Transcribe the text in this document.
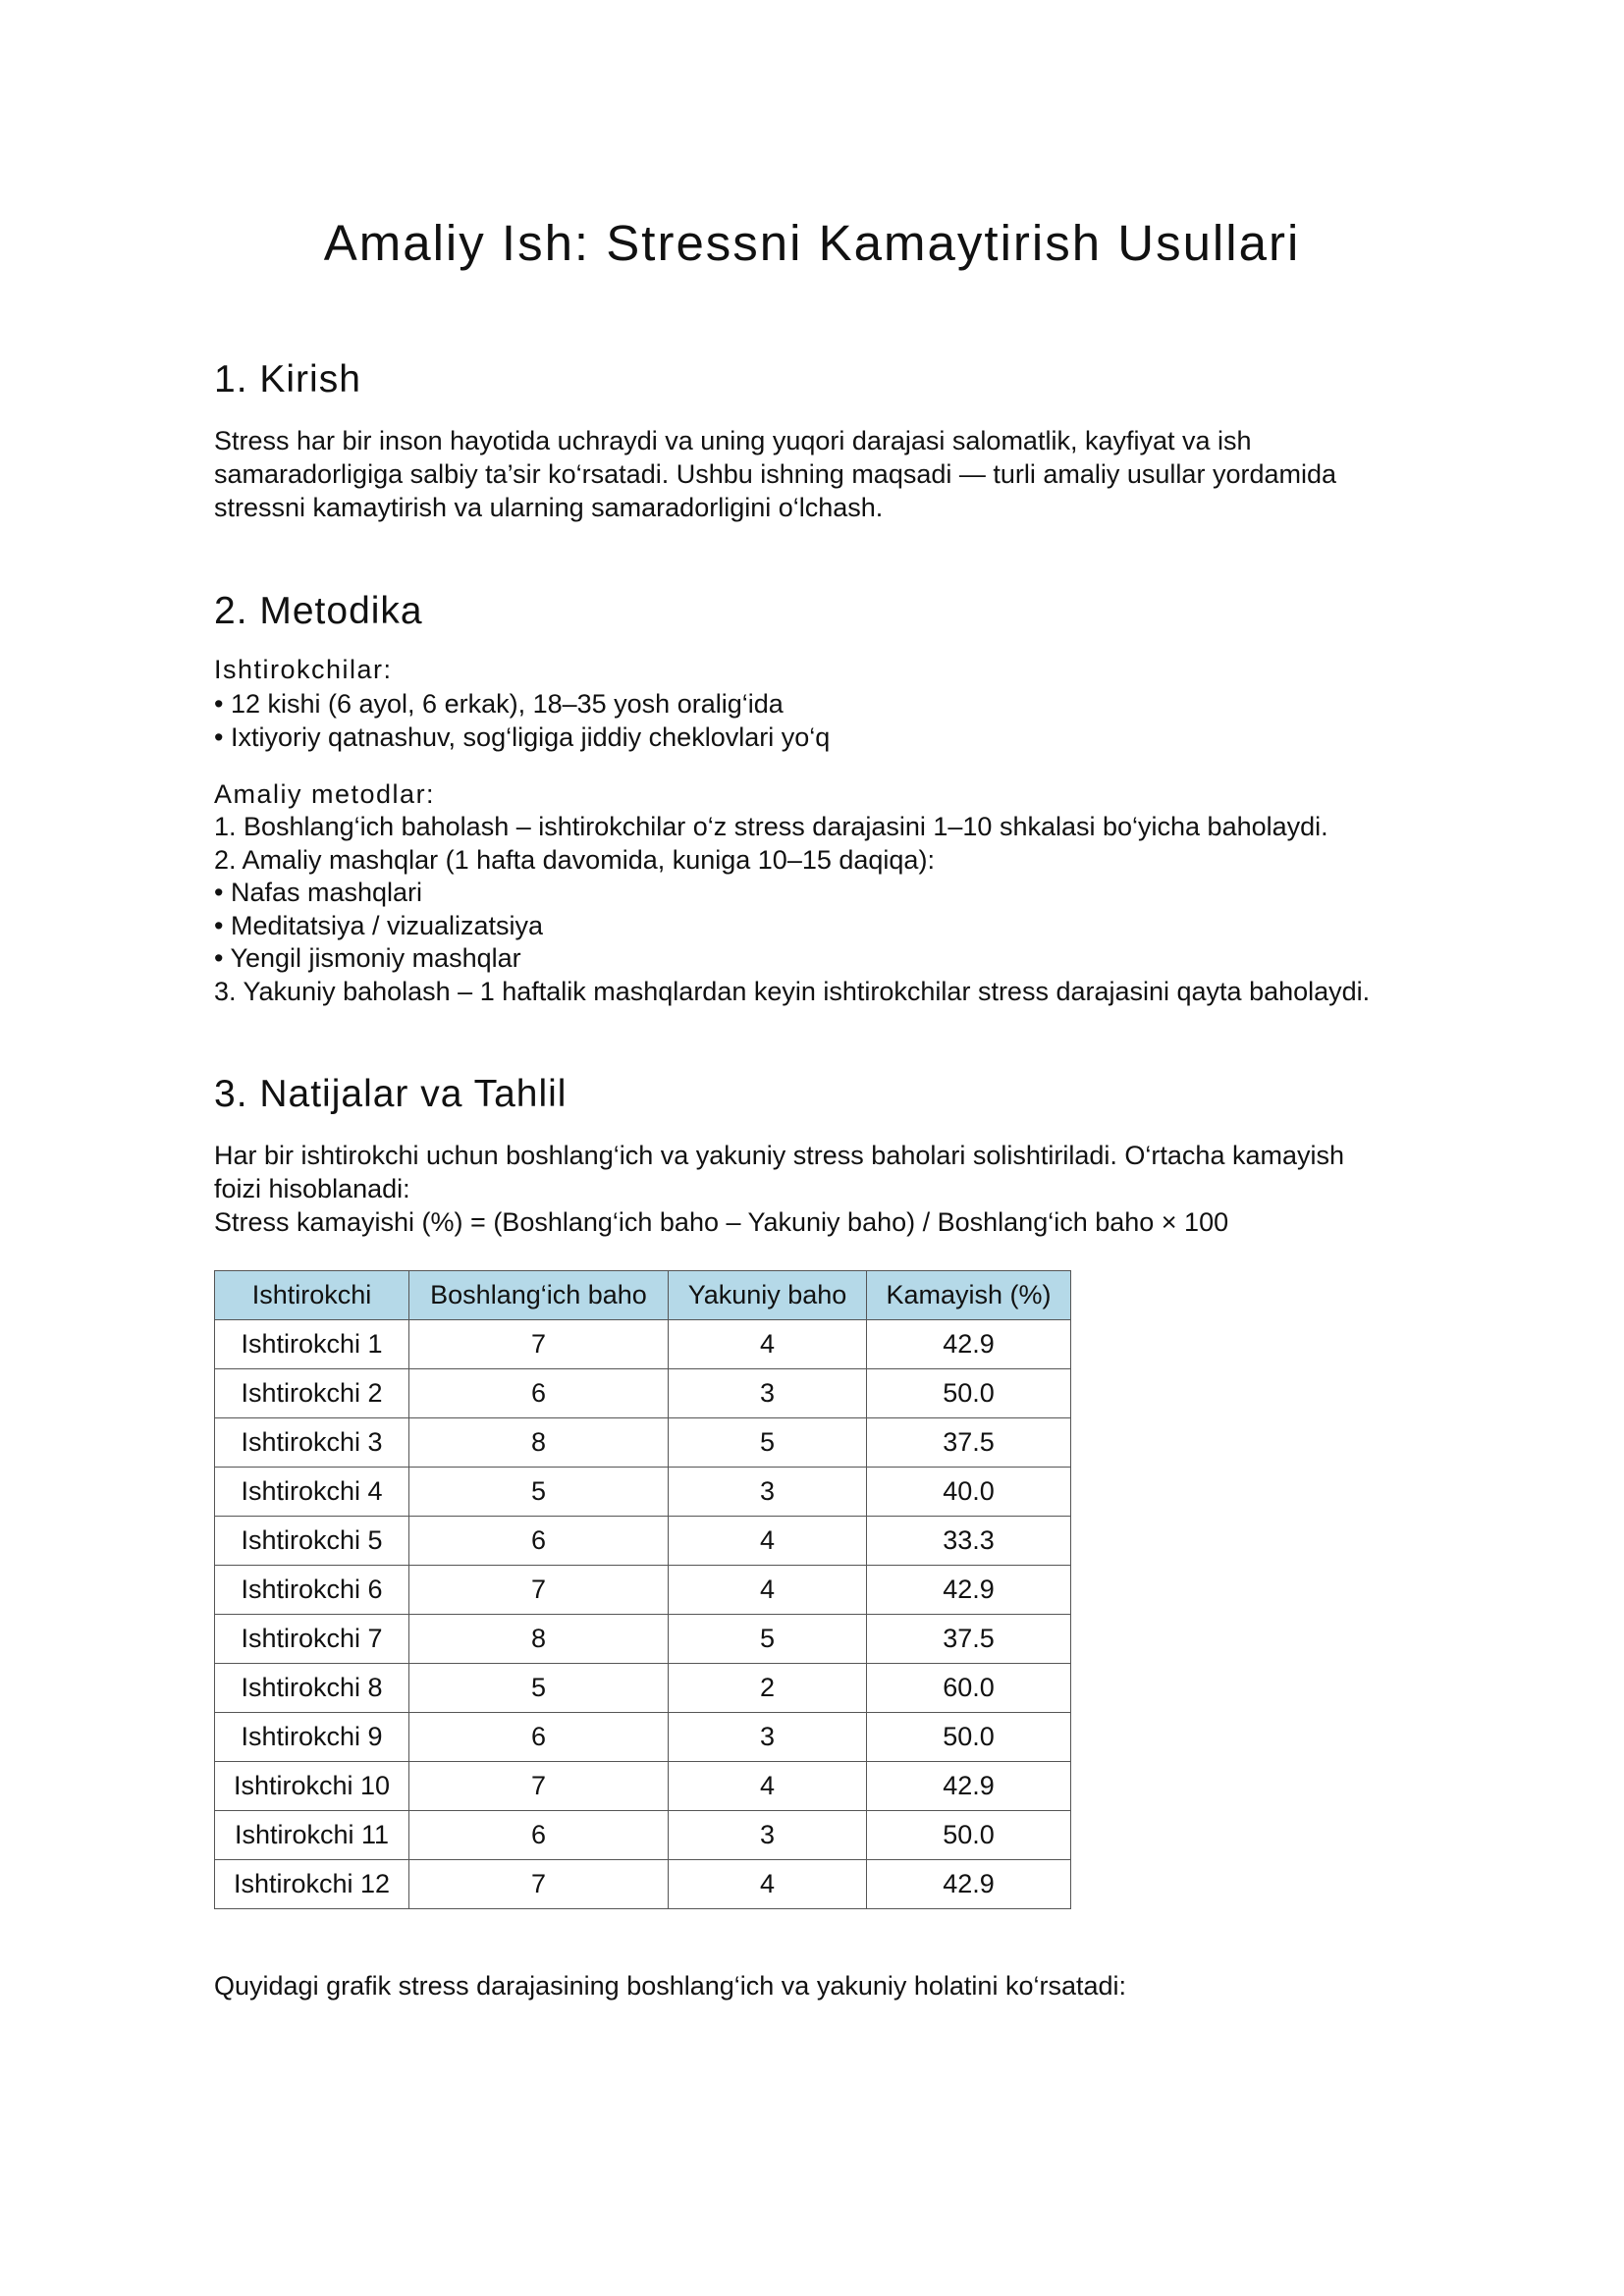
Amaliy Ish: Stressni Kamaytirish Usullari
1. Kirish
Stress har bir inson hayotida uchraydi va uning yuqori darajasi salomatlik, kayfiyat va ish
samaradorligiga salbiy ta’sir ko‘rsatadi. Ushbu ishning maqsadi — turli amaliy usullar yordamida
stressni kamaytirish va ularning samaradorligini o‘lchash.
2. Metodika
Ishtirokchilar:
• 12 kishi (6 ayol, 6 erkak), 18–35 yosh oralig‘ida
• Ixtiyoriy qatnashuv, sog‘ligiga jiddiy cheklovlari yo‘q
Amaliy metodlar:
1. Boshlang‘ich baholash – ishtirokchilar o‘z stress darajasini 1–10 shkalasi bo‘yicha baholaydi.
2. Amaliy mashqlar (1 hafta davomida, kuniga 10–15 daqiqa):
• Nafas mashqlari
• Meditatsiya / vizualizatsiya
• Yengil jismoniy mashqlar
3. Yakuniy baholash – 1 haftalik mashqlardan keyin ishtirokchilar stress darajasini qayta baholaydi.
3. Natijalar va Tahlil
Har bir ishtirokchi uchun boshlang‘ich va yakuniy stress baholari solishtiriladi. O‘rtacha kamayish
foizi hisoblanadi:
Stress kamayishi (%) = (Boshlang‘ich baho – Yakuniy baho) / Boshlang‘ich baho × 100
Ishtirokchi	Boshlang‘ich baho	Yakuniy baho	Kamayish (%)
Ishtirokchi 1	7	4	42.9
Ishtirokchi 2	6	3	50.0
Ishtirokchi 3	8	5	37.5
Ishtirokchi 4	5	3	40.0
Ishtirokchi 5	6	4	33.3
Ishtirokchi 6	7	4	42.9
Ishtirokchi 7	8	5	37.5
Ishtirokchi 8	5	2	60.0
Ishtirokchi 9	6	3	50.0
Ishtirokchi 10	7	4	42.9
Ishtirokchi 11	6	3	50.0
Ishtirokchi 12	7	4	42.9
Quyidagi grafik stress darajasining boshlang‘ich va yakuniy holatini ko‘rsatadi:
